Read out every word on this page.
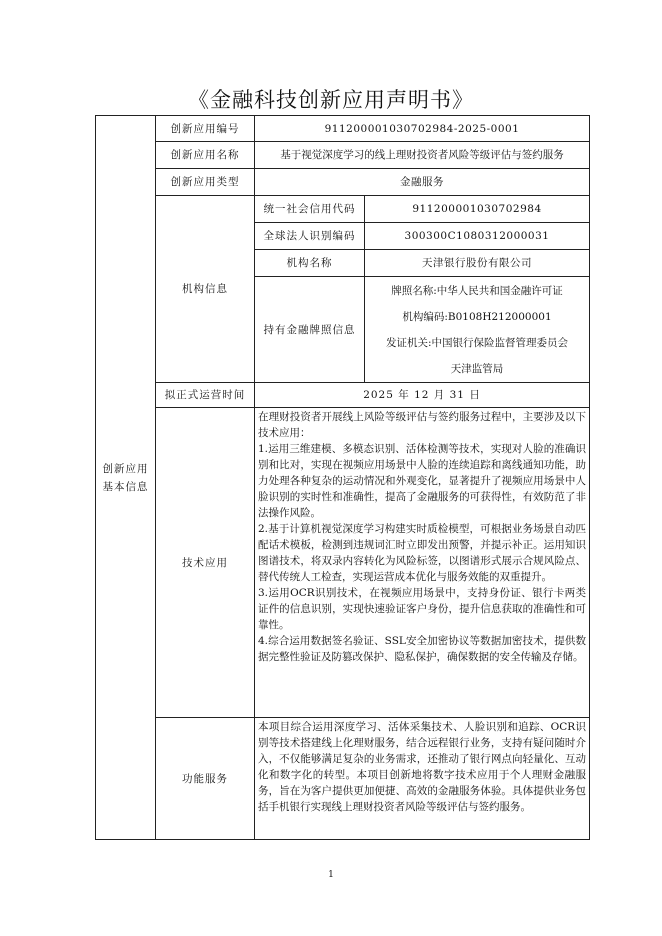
《金融科技创新应用声明书》
创新应用
基本信息	创新应用编号	911200001030702984-2025-0001	
	创新应用名称	基于视觉深度学习的线上理财投资者风险等级评估与签约服务	
	创新应用类型	金融服务	
	机构信息	统一社会信用代码	911200001030702984
		全球法人识别编码	300300C1080312000031
		机构名称	天津银行股份有限公司
		持有金融牌照信息	牌照名称:中华人民共和国金融许可证

机构编码:B0108H212000001

发证机关:中国银行保险监督管理委员会

天津监管局

	拟正式运营时间	2025 年 12 月 31 日	
	技术应用	在理财投资者开展线上风险等级评估与签约服务过程中，主要涉及以下技术应用：

1.运用三维建模、多模态识别、活体检测等技术，实现对人脸的准确识别和比对，实现在视频应用场景中人脸的连续追踪和离线通知功能，助力处理各种复杂的运动情况和外观变化，显著提升了视频应用场景中人脸识别的实时性和准确性，提高了金融服务的可获得性，有效防范了非法操作风险。

2.基于计算机视觉深度学习构建实时质检模型，可根据业务场景自动匹配话术模板，检测到违规词汇时立即发出预警，并提示补正。运用知识图谱技术，将双录内容转化为风险标签，以图谱形式展示合规风险点、替代传统人工检查，实现运营成本优化与服务效能的双重提升。

3.运用OCR识别技术，在视频应用场景中，支持身份证、银行卡两类证件的信息识别，实现快速验证客户身份，提升信息获取的准确性和可靠性。

4.综合运用数据签名验证、SSL安全加密协议等数据加密技术，提供数据完整性验证及防篡改保护、隐私保护，确保数据的安全传输及存储。	

	功能服务	本项目综合运用深度学习、活体采集技术、人脸识别和追踪、OCR识别等技术搭建线上化理财服务，结合远程银行业务，支持有疑问随时介入，不仅能够满足复杂的业务需求，还推动了银行网点向轻量化、互动化和数字化的转型。本项目创新地将数字技术应用于个人理财金融服务，旨在为客户提供更加便捷、高效的金融服务体验。具体提供业务包括手机银行实现线上理财投资者风险等级评估与签约服务。	
1
